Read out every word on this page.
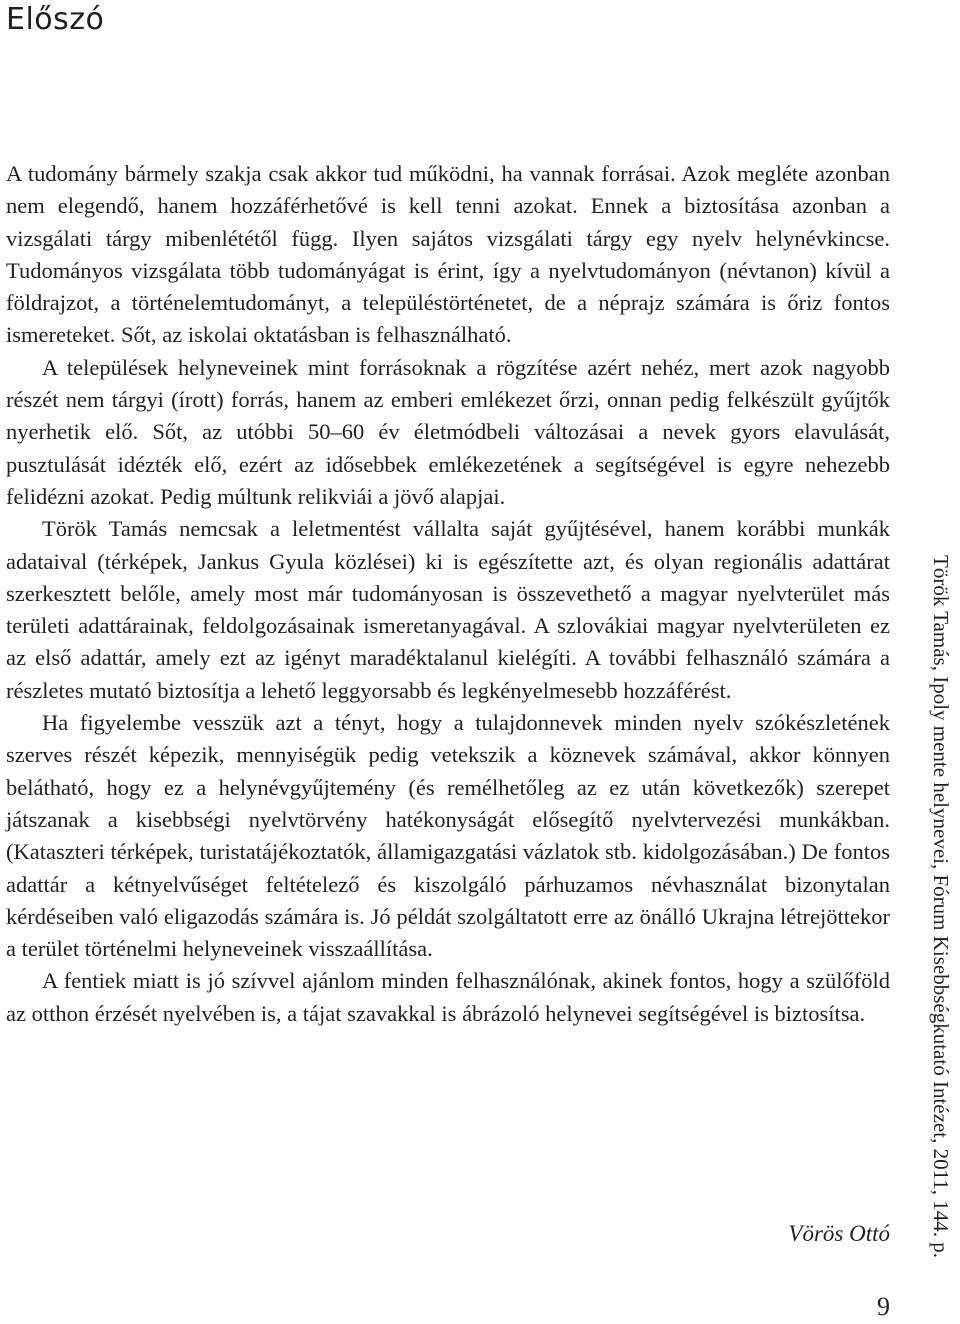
Előszó

A tudomány bármely szakja csak akkor tud működni, ha vannak forrásai. Azok megléte azonban nem elegendő, hanem hozzáférhetővé is kell tenni azokat. Ennek a biztosítása azonban a vizsgálati tárgy mibenlététől függ. Ilyen sajátos vizsgálati tárgy egy nyelv helynévkincse. Tudományos vizsgálata több tudományágat is érint, így a nyelvtudományon (névtanon) kívül a földrajzot, a történelemtudományt, a településtörténetet, de a néprajz számára is őriz fontos ismereteket. Sőt, az iskolai oktatásban is felhasználható.

A települések helyneveinek mint forrásoknak a rögzítése azért nehéz, mert azok nagyobb részét nem tárgyi (írott) forrás, hanem az emberi emlékezet őrzi, onnan pedig felkészült gyűjtők nyerhetik elő. Sőt, az utóbbi 50–60 év életmódbeli változásai a nevek gyors elavulását, pusztulását idézték elő, ezért az idősebbek emlékezetének a segítségével is egyre nehezebb felidézni azokat. Pedig múltunk relikviái a jövő alapjai.

Török Tamás nemcsak a leletmentést vállalta saját gyűjtésével, hanem korábbi munkák adataival (térképek, Jankus Gyula közlései) ki is egészítette azt, és olyan regionális adattárat szerkesztett belőle, amely most már tudományosan is összevethető a magyar nyelvterület más területi adattárainak, feldolgozásainak ismeretanyagával. A szlovákiai magyar nyelvterületen ez az első adattár, amely ezt az igényt maradéktalanul kielégíti. A további felhasználó számára a részletes mutató biztosítja a lehető leggyorsabb és legkényelmesebb hozzáférést.

Ha figyelembe vesszük azt a tényt, hogy a tulajdonnevek minden nyelv szókészletének szerves részét képezik, mennyiségük pedig vetekszik a köznevek számával, akkor könnyen belátható, hogy ez a helynévgyűjtemény (és remélhetőleg az ez után következők) szerepet játszanak a kisebbségi nyelvtörvény hatékonyságát elősegítő nyelvtervezési munkákban. (Kataszteri térképek, turistatájékoztatók, államigazgatási vázlatok stb. kidolgozásában.) De fontos adattár a kétnyelvűséget feltételező és kiszolgáló párhuzamos névhasználat bizonytalan kérdéseiben való eligazodás számára is. Jó példát szolgáltatott erre az önálló Ukrajna létrejöttekor a terület történelmi helyneveinek visszaállítása.

A fentiek miatt is jó szívvel ajánlom minden felhasználónak, akinek fontos, hogy a szülőföld az otthon érzését nyelvében is, a tájat szavakkal is ábrázoló helynevei segítségével is biztosítsa.

Vörös Ottó
9
Török Tamás, Ipoly mente helynevei, Fórum Kisebbségkutató Intézet, 2011, 144. p.
